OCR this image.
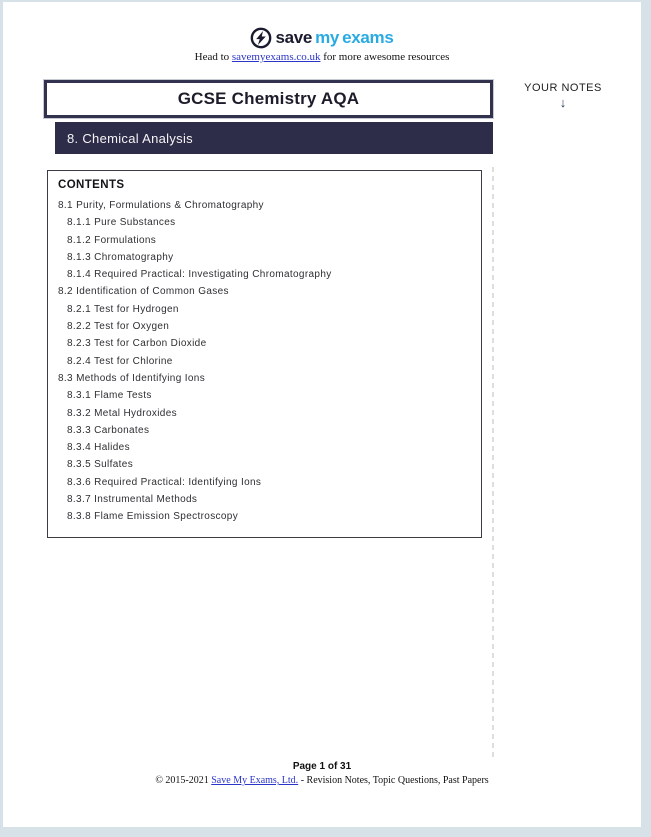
save my exams
Head to savemyexams.co.uk for more awesome resources
GCSE Chemistry AQA
8. Chemical Analysis
YOUR NOTES
↓
CONTENTS
8.1 Purity, Formulations & Chromatography
8.1.1 Pure Substances
8.1.2 Formulations
8.1.3 Chromatography
8.1.4 Required Practical: Investigating Chromatography
8.2 Identification of Common Gases
8.2.1 Test for Hydrogen
8.2.2 Test for Oxygen
8.2.3 Test for Carbon Dioxide
8.2.4 Test for Chlorine
8.3 Methods of Identifying Ions
8.3.1 Flame Tests
8.3.2 Metal Hydroxides
8.3.3 Carbonates
8.3.4 Halides
8.3.5 Sulfates
8.3.6 Required Practical: Identifying Ions
8.3.7 Instrumental Methods
8.3.8 Flame Emission Spectroscopy
Page 1 of 31
© 2015-2021 Save My Exams, Ltd. - Revision Notes, Topic Questions, Past Papers
